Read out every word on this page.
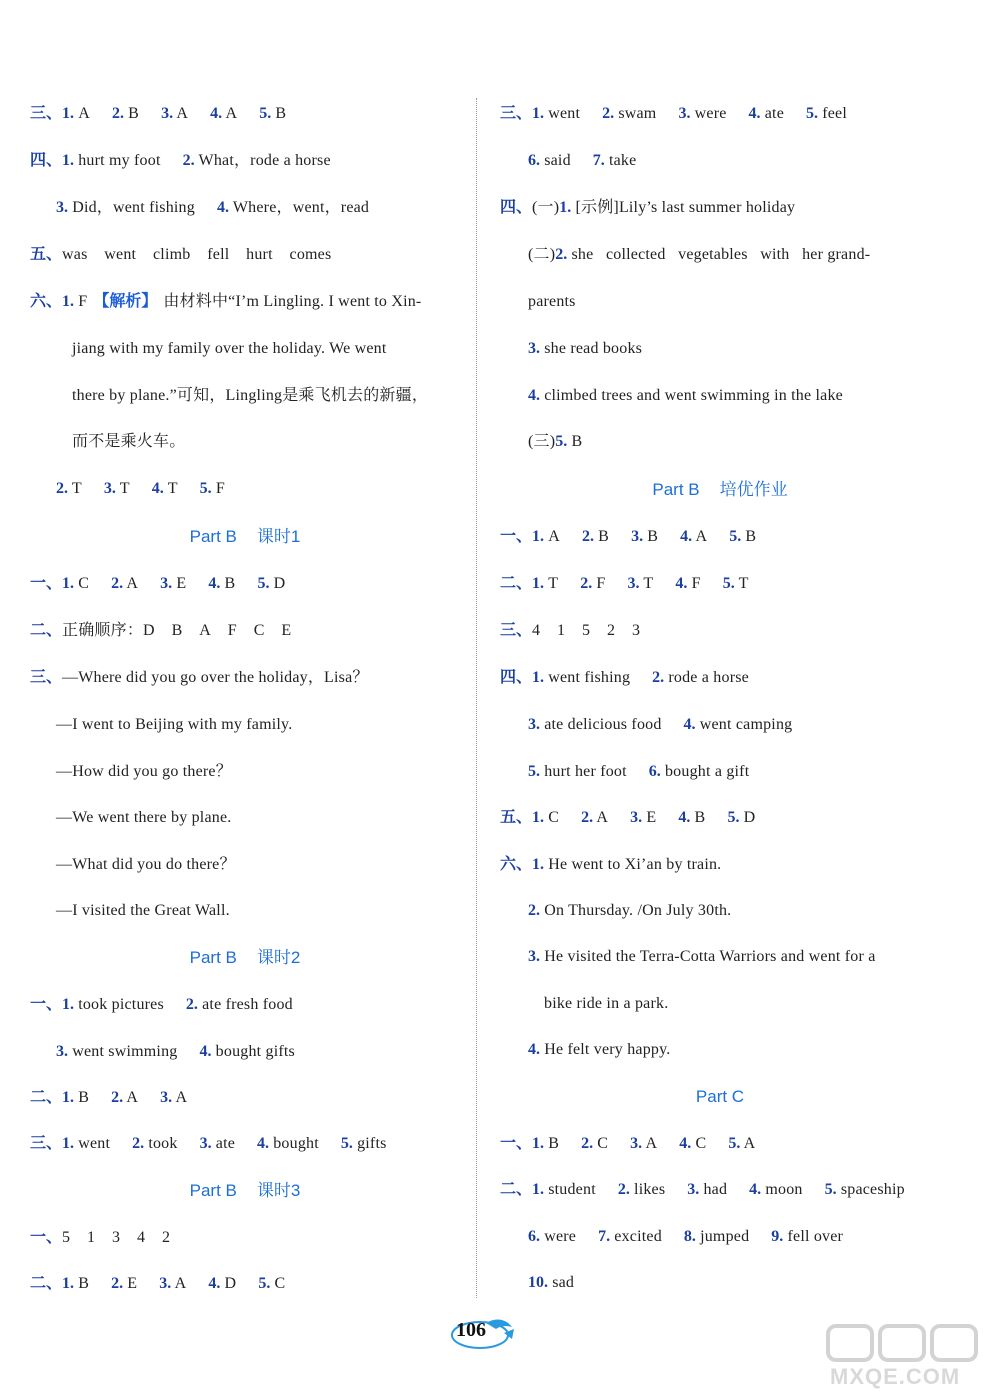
三、1. A 2. B 3. A 4. A 5. B
四、1. hurt my foot 2. What，rode a horse
3. Did，went fishing 4. Where，went，read
五、was    went    climb    fell    hurt    comes
六、1. F 【解析】 由材料中“I’m Lingling. I went to Xin-
jiang with my family over the holiday. We went
there by plane.”可知，Lingling是乘飞机去的新疆，
而不是乘火车。
2. T 3. T 4. T 5. F
一、1. C 2. A 3. E 4. B 5. D
二、正确顺序：D    B    A    F    C    E
三、—Where did you go over the holiday，Lisa？
—I went to Beijing with my family.
—How did you go there？
—We went there by plane.
—What did you do there？
—I visited the Great Wall.
一、1. took pictures 2. ate fresh food
3. went swimming 4. bought gifts
二、1. B 2. A 3. A
三、1. went 2. took 3. ate 4. bought 5. gifts
一、5    1    3    4    2
二、1. B 2. E 3. A 4. D 5. C
Part B 课时1
Part B 课时2
Part B 课时3
三、1. went 2. swam 3. were 4. ate 5. feel
6. said 7. take
四、(一)1. [示例]Lily’s last summer holiday
(二)2. she   collected   vegetables   with   her grand-
parents
3. she read books
4. climbed trees and went swimming in the lake
(三)5. B
一、1. A 2. B 3. B 4. A 5. B
二、1. T 2. F 3. T 4. F 5. T
三、4    1    5    2    3
四、1. went fishing 2. rode a horse
3. ate delicious food 4. went camping
5. hurt her foot 6. bought a gift
五、1. C 2. A 3. E 4. B 5. D
六、1. He went to Xi’an by train.
2. On Thursday. /On July 30th.
3. He visited the Terra-Cotta Warriors and went for a
bike ride in a park.
4. He felt very happy.
一、1. B 2. C 3. A 4. C 5. A
二、1. student 2. likes 3. had 4. moon 5. spaceship
6. were 7. excited 8. jumped 9. fell over
10. sad
Part B 培优作业
Part C
106
MXQE.COM
